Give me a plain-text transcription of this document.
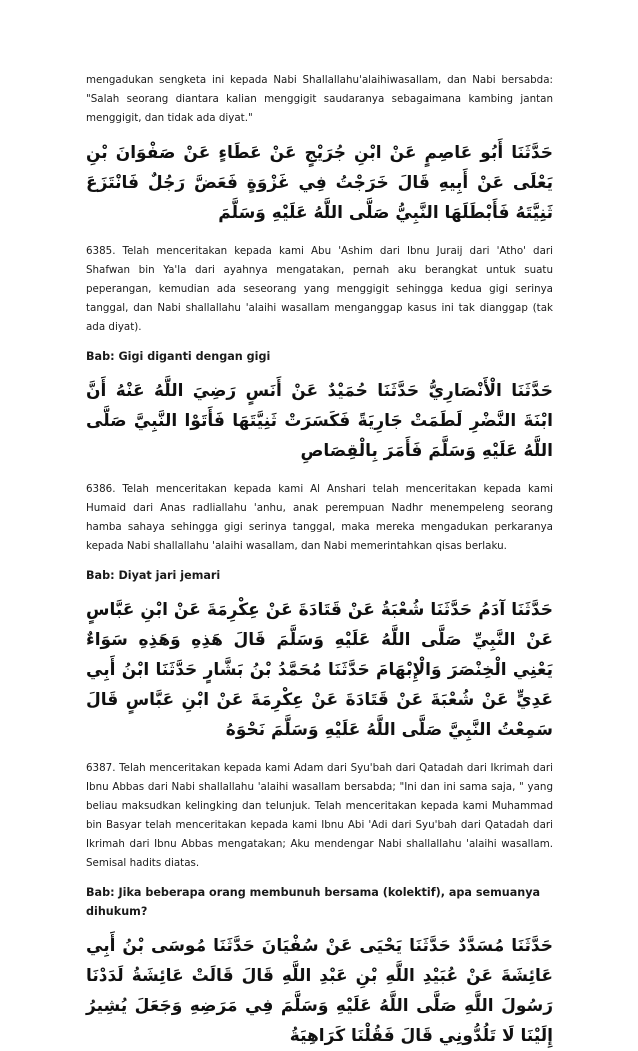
mengadukan sengketa ini kepada Nabi Shallallahu'alaihiwasallam, dan Nabi bersabda: "Salah seorang diantara kalian menggigit saudaranya sebagaimana kambing jantan menggigit, dan tidak ada diyat."

حَدَّثَنَا أَبُو عَاصِمٍ عَنْ ابْنِ جُرَيْجٍ عَنْ عَطَاءٍ عَنْ صَفْوَانَ بْنِ يَعْلَى عَنْ أَبِيهِ قَالَ خَرَجْتُ فِي غَزْوَةٍ فَعَضَّ رَجُلٌ فَانْتَزَعَ ثَنِيَّتَهُ فَأَبْطَلَهَا النَّبِيُّ صَلَّى اللَّهُ عَلَيْهِ وَسَلَّمَ

6385. Telah menceritakan kepada kami Abu 'Ashim dari Ibnu Juraij dari 'Atho' dari Shafwan bin Ya'la dari ayahnya mengatakan, pernah aku berangkat untuk suatu peperangan, kemudian ada seseorang yang menggigit sehingga kedua gigi serinya tanggal, dan Nabi shallallahu 'alaihi wasallam menganggap kasus ini tak dianggap (tak ada diyat).

Bab: Gigi diganti dengan gigi

حَدَّثَنَا الْأَنْصَارِيُّ حَدَّثَنَا حُمَيْدٌ عَنْ أَنَسٍ رَضِيَ اللَّهُ عَنْهُ أَنَّ ابْنَةَ النَّضْرِ لَطَمَتْ جَارِيَةً فَكَسَرَتْ ثَنِيَّتَهَا فَأَتَوْا النَّبِيَّ صَلَّى اللَّهُ عَلَيْهِ وَسَلَّمَ فَأَمَرَ بِالْقِصَاصِ

6386. Telah menceritakan kepada kami Al Anshari telah menceritakan kepada kami Humaid dari Anas radliallahu 'anhu, anak perempuan Nadhr menempeleng seorang hamba sahaya sehingga gigi serinya tanggal, maka mereka mengadukan perkaranya kepada Nabi shallallahu 'alaihi wasallam, dan Nabi memerintahkan qisas berlaku.

Bab: Diyat jari jemari

حَدَّثَنَا آدَمُ حَدَّثَنَا شُعْبَةُ عَنْ قَتَادَةَ عَنْ عِكْرِمَةَ عَنْ ابْنِ عَبَّاسٍ عَنْ النَّبِيِّ صَلَّى اللَّهُ عَلَيْهِ وَسَلَّمَ قَالَ هَذِهِ وَهَذِهِ سَوَاءٌ يَعْنِي الْخِنْصَرَ وَالْإِبْهَامَ حَدَّثَنَا مُحَمَّدُ بْنُ بَشَّارٍ حَدَّثَنَا ابْنُ أَبِي عَدِيٍّ عَنْ شُعْبَةَ عَنْ قَتَادَةَ عَنْ عِكْرِمَةَ عَنْ ابْنِ عَبَّاسٍ قَالَ سَمِعْتُ النَّبِيَّ صَلَّى اللَّهُ عَلَيْهِ وَسَلَّمَ نَحْوَهُ

6387. Telah menceritakan kepada kami Adam dari Syu'bah dari Qatadah dari Ikrimah dari Ibnu Abbas dari Nabi shallallahu 'alaihi wasallam bersabda; "Ini dan ini sama saja, " yang beliau maksudkan kelingking dan telunjuk. Telah menceritakan kepada kami Muhammad bin Basyar telah menceritakan kepada kami Ibnu Abi 'Adi dari Syu'bah dari Qatadah dari Ikrimah dari Ibnu Abbas mengatakan; Aku mendengar Nabi shallallahu 'alaihi wasallam. Semisal hadits diatas.

Bab: Jika beberapa orang membunuh bersama (kolektif), apa semuanya dihukum?

حَدَّثَنَا مُسَدَّدٌ حَدَّثَنَا يَحْيَى عَنْ سُفْيَانَ حَدَّثَنَا مُوسَى بْنُ أَبِي عَائِشَةَ عَنْ عُبَيْدِ اللَّهِ بْنِ عَبْدِ اللَّهِ قَالَ قَالَتْ عَائِشَةُ لَدَدْنَا رَسُولَ اللَّهِ صَلَّى اللَّهُ عَلَيْهِ وَسَلَّمَ فِي مَرَضِهِ وَجَعَلَ يُشِيرُ إِلَيْنَا لَا تَلُدُّونِي قَالَ فَقُلْنَا كَرَاهِيَةُ
